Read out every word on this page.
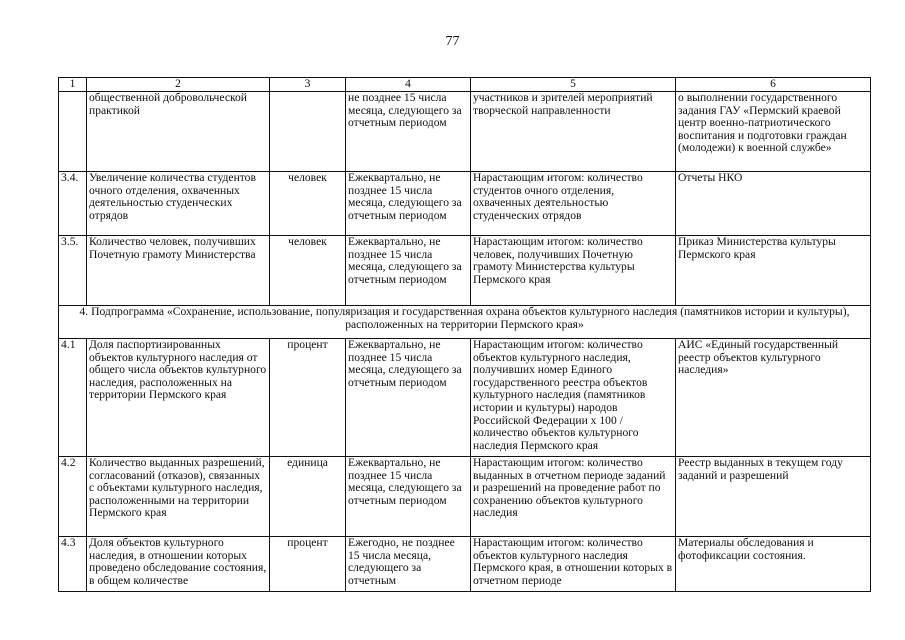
77
1	2	3	4	5	6
	общественной добровольческой практикой		не позднее 15 числа месяца, следующего за отчетным периодом	участников и зрителей мероприятий творческой направленности	о выполнении государственного задания ГАУ «Пермский краевой центр военно-патриотического воспитания и подготовки граждан (молодежи) к военной службе»
3.4.	Увеличение количества студентов очного отделения, охваченных деятельностью студенческих отрядов	человек	Ежеквартально, не позднее 15 числа месяца, следующего за отчетным периодом	Нарастающим итогом: количество студентов очного отделения, охваченных деятельностью студенческих отрядов	Отчеты НКО
3.5.	Количество человек, получивших Почетную грамоту Министерства	человек	Ежеквартально, не позднее 15 числа месяца, следующего за отчетным периодом	Нарастающим итогом: количество человек, получивших Почетную грамоту Министерства культуры Пермского края	Приказ Министерства культуры Пермского края
4. Подпрограмма «Сохранение, использование, популяризация и государственная охрана объектов культурного наследия (памятников истории и культуры), расположенных на территории Пермского края»					
4.1	Доля паспортизированных объектов культурного наследия от общего числа объектов культурного наследия, расположенных на территории Пермского края	процент	Ежеквартально, не позднее 15 числа месяца, следующего за отчетным периодом	Нарастающим итогом: количество объектов культурного наследия, получивших номер Единого государственного реестра объектов культурного наследия (памятников истории и культуры) народов Российской Федерации х 100 / количество объектов культурного наследия Пермского края	АИС «Единый государственный реестр объектов культурного наследия»
4.2	Количество выданных разрешений, согласований (отказов), связанных с объектами культурного наследия, расположенными на территории Пермского края	единица	Ежеквартально, не позднее 15 числа месяца, следующего за отчетным периодом	Нарастающим итогом: количество выданных в отчетном периоде заданий и разрешений на проведение работ по сохранению объектов культурного наследия	Реестр выданных в текущем году заданий и разрешений
4.3	Доля объектов культурного наследия, в отношении которых проведено обследование состояния, в общем количестве	процент	Ежегодно, не позднее 15 числа месяца, следующего за отчетным	Нарастающим итогом: количество объектов культурного наследия Пермского края, в отношении которых в отчетном периоде	Материалы обследования и фотофиксации состояния.
